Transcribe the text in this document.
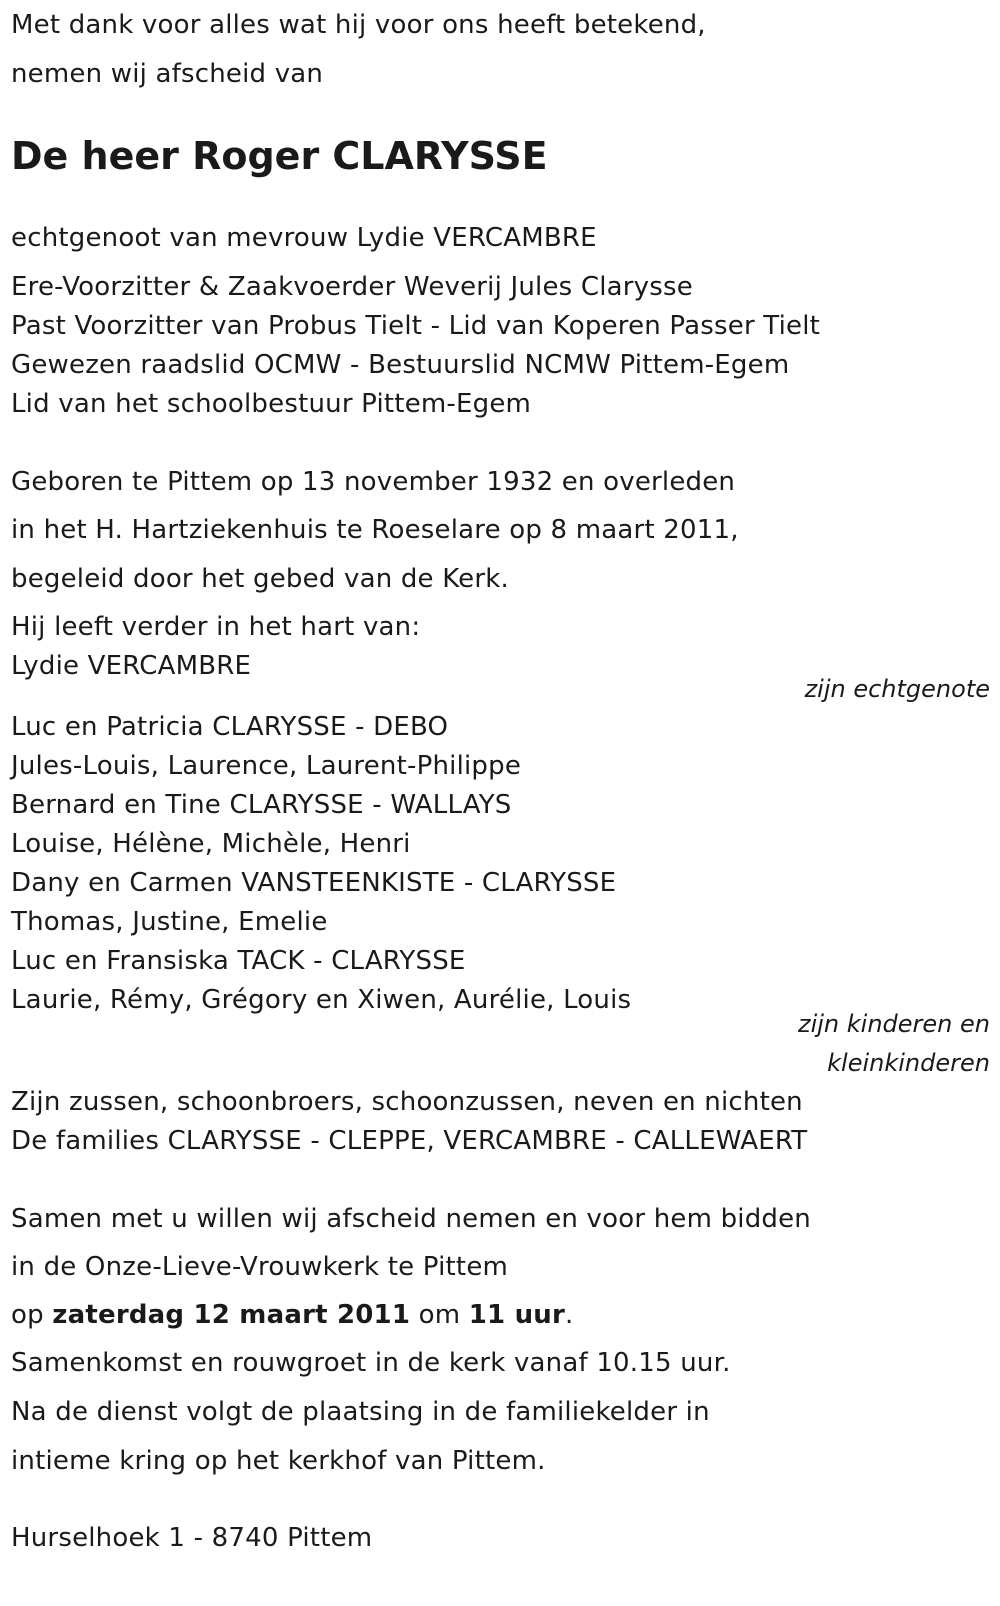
Met dank voor alles wat hij voor ons heeft betekend,
nemen wij afscheid van
De heer Roger CLARYSSE
echtgenoot van mevrouw Lydie VERCAMBRE
Ere-Voorzitter & Zaakvoerder Weverij Jules Clarysse
Past Voorzitter van Probus Tielt - Lid van Koperen Passer Tielt
Gewezen raadslid OCMW - Bestuurslid NCMW Pittem-Egem
Lid van het schoolbestuur Pittem-Egem
Geboren te Pittem op 13 november 1932 en overleden
in het H. Hartziekenhuis te Roeselare op 8 maart 2011,
begeleid door het gebed van de Kerk.
Hij leeft verder in het hart van:
Lydie VERCAMBRE
zijn echtgenote
Luc en Patricia CLARYSSE - DEBO
Jules-Louis, Laurence, Laurent-Philippe
Bernard en Tine CLARYSSE - WALLAYS
Louise, Hélène, Michèle, Henri
Dany en Carmen VANSTEENKISTE - CLARYSSE
Thomas, Justine, Emelie
Luc en Fransiska TACK - CLARYSSE
Laurie, Rémy, Grégory en Xiwen, Aurélie, Louis
zijn kinderen en
kleinkinderen
Zijn zussen, schoonbroers, schoonzussen, neven en nichten
De families CLARYSSE - CLEPPE, VERCAMBRE - CALLEWAERT
Samen met u willen wij afscheid nemen en voor hem bidden
in de Onze-Lieve-Vrouwkerk te Pittem
op zaterdag 12 maart 2011 om 11 uur.
Samenkomst en rouwgroet in de kerk vanaf 10.15 uur.
Na de dienst volgt de plaatsing in de familiekelder in
intieme kring op het kerkhof van Pittem.
Hurselhoek 1 - 8740 Pittem
